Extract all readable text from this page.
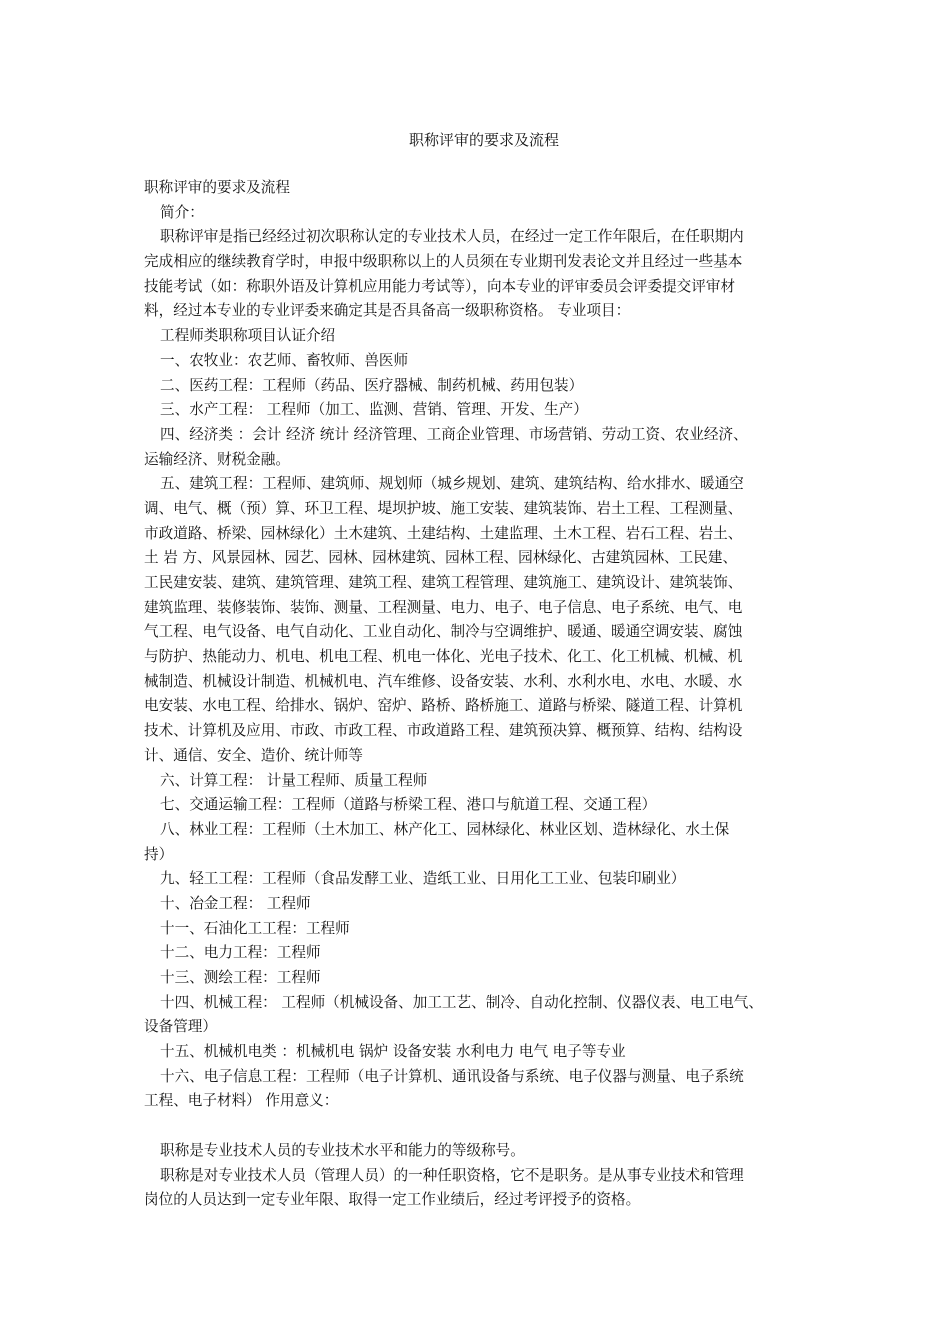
职称评审的要求及流程
职称评审的要求及流程
简介：
职称评审是指已经经过初次职称认定的专业技术人员，在经过一定工作年限后，在任职期内
完成相应的继续教育学时，申报中级职称以上的人员须在专业期刊发表论文并且经过一些基本
技能考试（如：称职外语及计算机应用能力考试等），向本专业的评审委员会评委提交评审材
料，经过本专业的专业评委来确定其是否具备高一级职称资格。 专业项目：
工程师类职称项目认证介绍
一、农牧业：农艺师、畜牧师、兽医师
二、医药工程：工程师（药品、医疗器械、制药机械、药用包装）
三、水产工程： 工程师（加工、监测、营销、管理、开发、生产）
四、经济类 ：会计 经济 统计 经济管理、工商企业管理、市场营销、劳动工资、农业经济、
运输经济、财税金融。
五、建筑工程：工程师、建筑师、规划师（城乡规划、建筑、建筑结构、给水排水、暖通空
调、电气、概（预）算、环卫工程、堤坝护坡、施工安装、建筑装饰、岩土工程、工程测量、
市政道路、桥梁、园林绿化）土木建筑、土建结构、土建监理、土木工程、岩石工程、岩土、
土 岩 方、风景园林、园艺、园林、园林建筑、园林工程、园林绿化、古建筑园林、工民建、
工民建安装、建筑、建筑管理、建筑工程、建筑工程管理、建筑施工、建筑设计、建筑装饰、
建筑监理、装修装饰、装饰、测量、工程测量、电力、电子、电子信息、电子系统、电气、电
气工程、电气设备、电气自动化、工业自动化、制冷与空调维护、暖通、暖通空调安装、腐蚀
与防护、热能动力、机电、机电工程、机电一体化、光电子技术、化工、化工机械、机械、机
械制造、机械设计制造、机械机电、汽车维修、设备安装、水利、水利水电、水电、水暖、水
电安装、水电工程、给排水、锅炉、窑炉、路桥、路桥施工、道路与桥梁、隧道工程、计算机
技术、计算机及应用、市政、市政工程、市政道路工程、建筑预决算、概预算、结构、结构设
计、通信、安全、造价、统计师等
六、计算工程： 计量工程师、质量工程师
七、交通运输工程：工程师（道路与桥梁工程、港口与航道工程、交通工程）
八、林业工程：工程师（土木加工、林产化工、园林绿化、林业区划、造林绿化、水土保
持）
九、轻工工程：工程师（食品发酵工业、造纸工业、日用化工工业、包装印刷业）
十、冶金工程： 工程师
十一、石油化工工程：工程师
十二、电力工程：工程师
十三、测绘工程：工程师
十四、机械工程： 工程师（机械设备、加工工艺、制冷、自动化控制、仪器仪表、电工电气、
设备管理）
十五、机械机电类 ：机械机电 锅炉 设备安装 水利电力 电气 电子等专业
十六、电子信息工程：工程师（电子计算机、通讯设备与系统、电子仪器与测量、电子系统
工程、电子材料） 作用意义：
职称是专业技术人员的专业技术水平和能力的等级称号。
职称是对专业技术人员（管理人员）的一种任职资格，它不是职务。是从事专业技术和管理
岗位的人员达到一定专业年限、取得一定工作业绩后，经过考评授予的资格。
